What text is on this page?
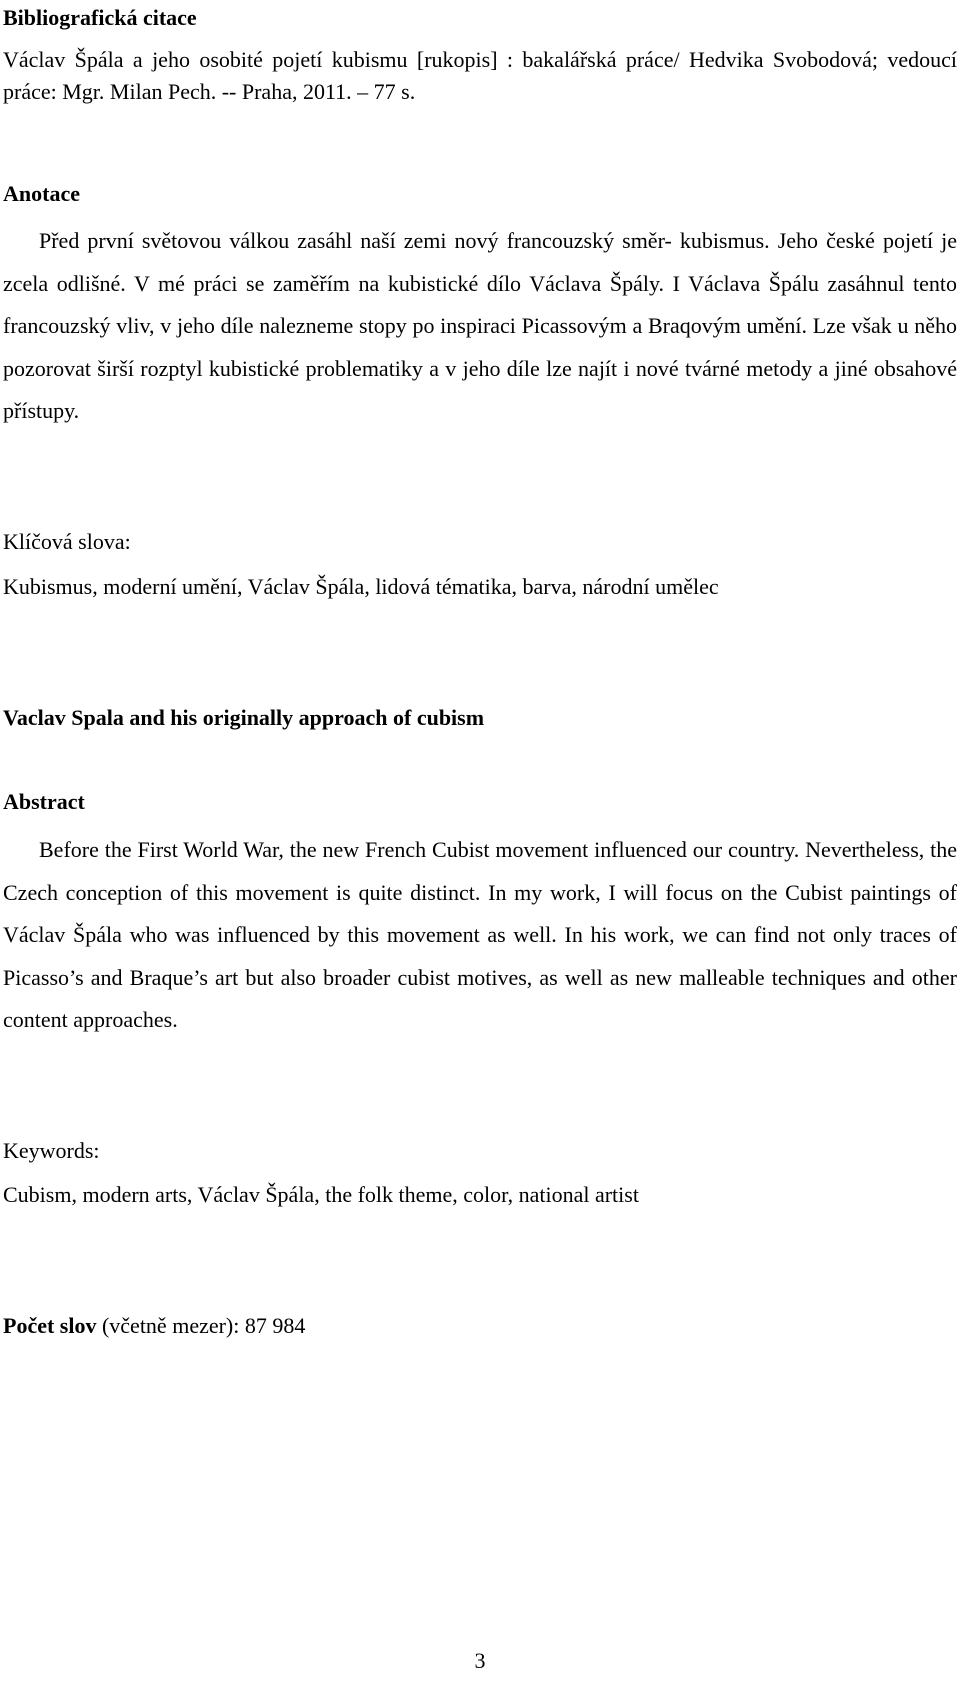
Bibliografická citace
Václav Špála a jeho osobité pojetí kubismu [rukopis] : bakalářská práce/ Hedvika Svobodová; vedoucí práce: Mgr. Milan Pech. -- Praha, 2011. – 77 s.
Anotace
Před první světovou válkou zasáhl naší zemi nový francouzský směr- kubismus. Jeho české pojetí je zcela odlišné. V mé práci se zaměřím na kubistické dílo Václava Špály. I Václava Špálu zasáhnul tento francouzský vliv, v jeho díle nalezneme stopy po inspiraci Picassovým a Braqovým umění. Lze však u něho pozorovat širší rozptyl kubistické problematiky a v jeho díle lze najít i nové tvárné metody a jiné obsahové přístupy.
Klíčová slova:
Kubismus, moderní umění, Václav Špála, lidová tématika, barva, národní umělec
Vaclav Spala and his originally approach of cubism
Abstract
Before the First World War, the new French Cubist movement influenced our country. Nevertheless, the Czech conception of this movement is quite distinct. In my work, I will focus on the Cubist paintings of Václav Špála who was influenced by this movement as well. In his work, we can find not only traces of Picasso’s and Braque’s art but also broader cubist motives, as well as new malleable techniques and other content approaches.
Keywords:
Cubism, modern arts, Václav Špála, the folk theme, color, national artist
Počet slov (včetně mezer): 87 984
3
